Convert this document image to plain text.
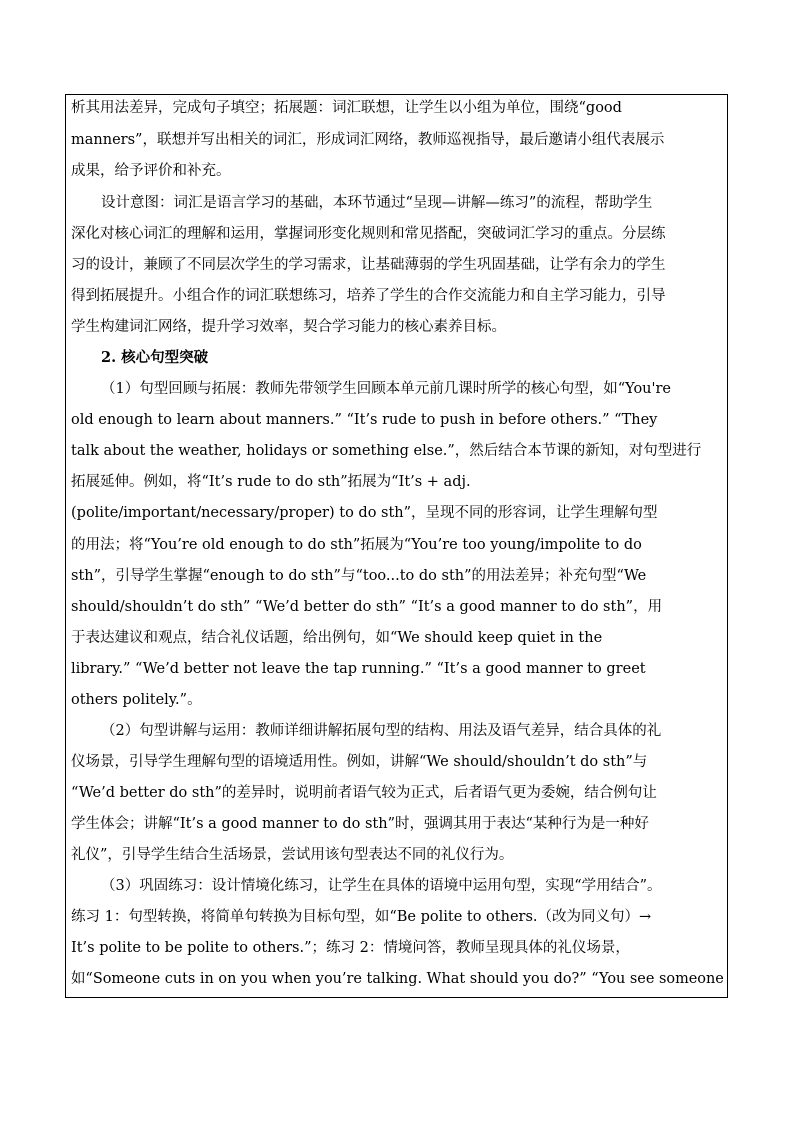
析其用法差异，完成句子填空；拓展题：词汇联想，让学生以小组为单位，围绕“good
manners”，联想并写出相关的词汇，形成词汇网络，教师巡视指导，最后邀请小组代表展示
成果，给予评价和补充。
设计意图：词汇是语言学习的基础，本环节通过“呈现—讲解—练习”的流程，帮助学生
深化对核心词汇的理解和运用，掌握词形变化规则和常见搭配，突破词汇学习的重点。分层练
习的设计，兼顾了不同层次学生的学习需求，让基础薄弱的学生巩固基础，让学有余力的学生
得到拓展提升。小组合作的词汇联想练习，培养了学生的合作交流能力和自主学习能力，引导
学生构建词汇网络，提升学习效率，契合学习能力的核心素养目标。
2. 核心句型突破
（1）句型回顾与拓展：教师先带领学生回顾本单元前几课时所学的核心句型，如“You're
old enough to learn about manners.” “It’s rude to push in before others.” “They
talk about the weather, holidays or something else.”，然后结合本节课的新知，对句型进行
拓展延伸。例如，将“It’s rude to do sth”拓展为“It’s + adj.
(polite/important/necessary/proper) to do sth”，呈现不同的形容词，让学生理解句型
的用法；将“You’re old enough to do sth”拓展为“You’re too young/impolite to do
sth”，引导学生掌握“enough to do sth”与“too...to do sth”的用法差异；补充句型“We
should/shouldn’t do sth” “We’d better do sth” “It’s a good manner to do sth”，用
于表达建议和观点，结合礼仪话题，给出例句，如“We should keep quiet in the
library.” “We’d better not leave the tap running.” “It’s a good manner to greet
others politely.”。
（2）句型讲解与运用：教师详细讲解拓展句型的结构、用法及语气差异，结合具体的礼
仪场景，引导学生理解句型的语境适用性。例如，讲解“We should/shouldn’t do sth”与
“We’d better do sth”的差异时，说明前者语气较为正式，后者语气更为委婉，结合例句让
学生体会；讲解“It’s a good manner to do sth”时，强调其用于表达“某种行为是一种好
礼仪”，引导学生结合生活场景，尝试用该句型表达不同的礼仪行为。
（3）巩固练习：设计情境化练习，让学生在具体的语境中运用句型，实现“学用结合”。
练习 1：句型转换，将简单句转换为目标句型，如“Be polite to others.（改为同义句）→
It’s polite to be polite to others.”；练习 2：情境问答，教师呈现具体的礼仪场景，
如“Someone cuts in on you when you’re talking. What should you do?” “You see someone
